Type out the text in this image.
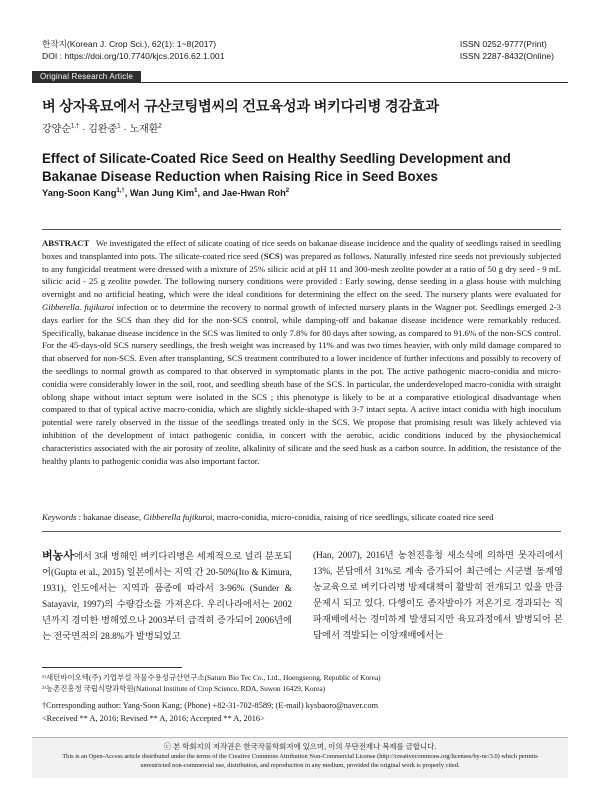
한작지(Korean J. Crop Sci.), 62(1): 1~8(2017)
DOI : https://doi.org/10.7740/kjcs.2016.62.1.001
ISSN 0252-9777(Print)
ISSN 2287-8432(Online)
Original Research Article
벼 상자육묘에서 규산코팅볍씨의 건묘육성과 벼키다리병 경감효과
강양순$^{1,\dagger}$ · 김완중$^1$ · 노재환$^2$
Effect of Silicate-Coated Rice Seed on Healthy Seedling Development and Bakanae Disease Reduction when Raising Rice in Seed Boxes
Yang-Soon Kang$^{1,\dagger}$, Wan Jung Kim$^1$, and Jae-Hwan Roh$^2$
ABSTRACT We investigated the effect of silicate coating of rice seeds on bakanae disease incidence and the quality of seedlings raised in seedling boxes and transplanted into pots. The silicate-coated rice seed (SCS) was prepared as follows. Naturally infested rice seeds not previously subjected to any fungicidal treatment were dressed with a mixture of 25% silicic acid at pH 11 and 300-mesh zeolite powder at a ratio of 50 g dry seed - 9 mL silicic acid - 25 g zeolite powder. The following nursery conditions were provided : Early sowing, dense seeding in a glass house with mulching overnight and no artificial heating, which were the ideal conditions for determining the effect on the seed. The nursery plants were evaluated for Gibberella. fujikuroi infection or to determine the recovery to normal growth of infected nursery plants in the Wagner pot. Seedlings emerged 2-3 days earlier for the SCS than they did for the non-SCS control, while damping-off and bakanae disease incidence were remarkably reduced. Specifically, bakanae disease incidence in the SCS was limited to only 7.8% for 80 days after sowing, as compared to 91.6% of the non-SCS control. For the 45-days-old SCS nursery seedlings, the fresh weight was increased by 11% and was two times heavier, with only mild damage compared to that observed for non-SCS. Even after transplanting, SCS treatment contributed to a lower incidence of further infections and possibly to recovery of the seedlings to normal growth as compared to that observed in symptomatic plants in the pot. The active pathogenic macro-conidia and micro-conidia were considerably lower in the soil, root, and seedling sheath base of the SCS. In particular, the underdeveloped macro-conidia with straight oblong shape without intact septum were isolated in the SCS ; this phenotype is likely to be at a comparative etiological disadvantage when compared to that of typical active macro-conidia, which are slightly sickle-shaped with 3-7 intact septa. A active intact conidia with high inoculum potential were rarely observed in the tissue of the seedlings treated only in the SCS. We propose that promising result was likely achieved via inhibition of the development of intact pathogenic conidia, in concert with the aerobic, acidic conditions induced by the physiochemical characteristics associated with the air porosity of zeolite, alkalinity of silicate and the seed husk as a carbon source. In addition, the resistance of the healthy plants to pathogenic conidia was also important factor.
Keywords : bakanae disease, Gibberella fujikuroi, macro-conidia, micro-conidia, raising of rice seedlings, silicate coated rice seed
벼농사에서 3대 병해인 벼키다리병은 세계적으로 널리 분포되어(Gupta et al., 2015) 일본에서는 지역 간 20-50%(Ito & Kimura, 1931), 인도에서는 지역과 품종에 따라서 3-96% (Sunder & Satayavir, 1997)의 수량감소를 가져온다. 우리나라에서는 2002년까지 경미한 병해였으나 2003부터 급격히 증가되어 2006년에는 전국면적의 28.8%가 발병되었고
(Han, 2007), 2016년 농천진흥청 새소식에 의하면 못자리에서 13%, 본답에서 31%로 계속 증가되어 최근에는 시군별 동계영농교육으로 벼키다리병 방제대책이 활발히 전개되고 있을 만큼 문제시 되고 있다. 다행이도 종자발아가 저온기로 경과되는 직파재배에서는 경미하게 발생되지만 육묘과정에서 발병되어 본답에서 격발되는 이앙재배에서는
¹⁾새턴바이오텍(주) 기업부설 작물수용성규산연구소(Saturn Bio Tec Co., Ltd., Hoengseong, Republic of Korea)
²⁾농촌진흥청 국립식량과학원(National Institute of Crop Science, RDA, Suwon 16429, Korea)
†Corresponding author: Yang-Soon Kang; (Phone) +82-31-702-8589; (E-mail) kysbaoro@naver.com
<Received ** A, 2016; Revised ** A, 2016; Accepted ** A, 2016>
ⓒ 본 학회지의 저작권은 한국작물학회지에 있으며, 이의 무단전재나 복제를 금합니다.
This is an Open-Access article distributed under the terms of the Creative Commons Attribution Non-Commercial License (http://creativecommons.org/licenses/by-nc/3.0) which permits unrestricted non-commercial use, distribution, and reproduction in any medium, provided the original work is properly cited.
